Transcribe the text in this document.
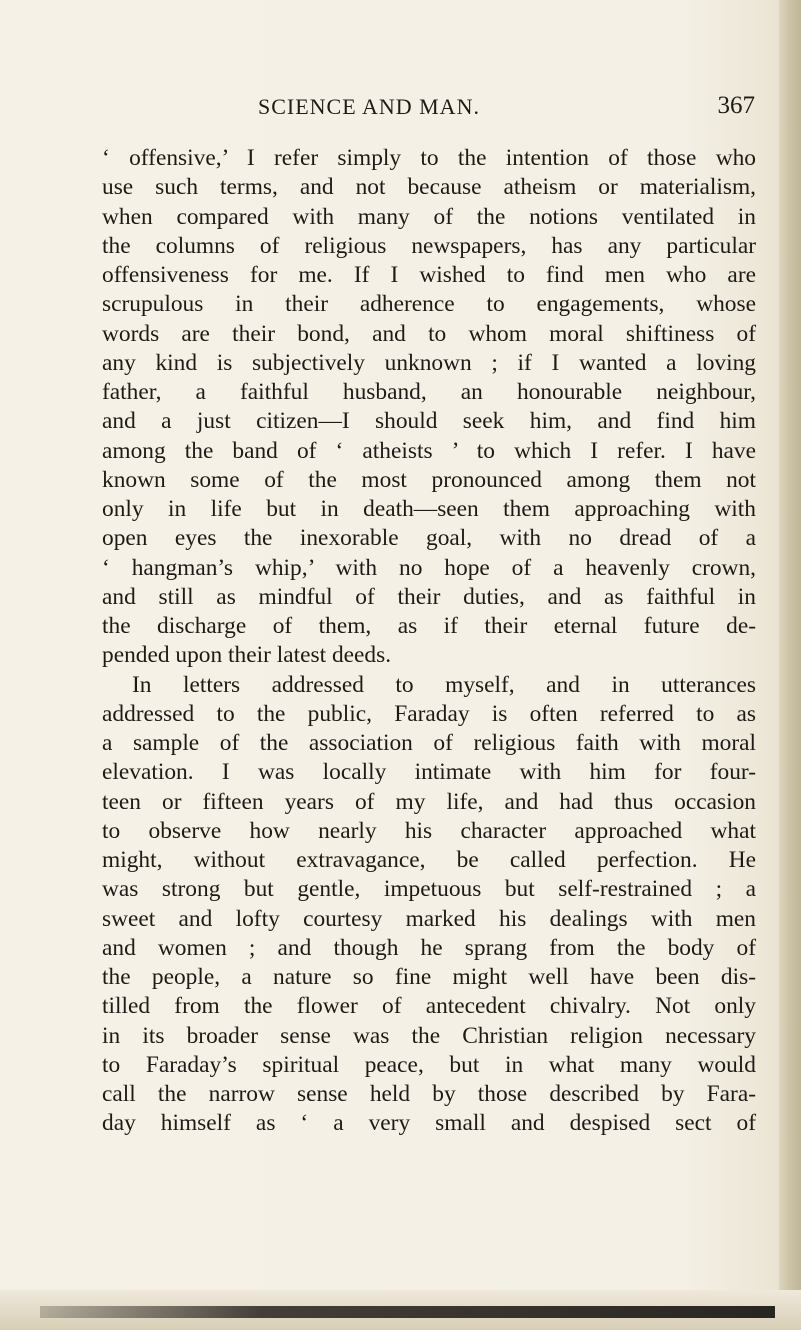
SCIENCE AND MAN.	367
‘ offensive,’ I refer simply to the intention of those who
use such terms, and not because atheism or materialism,
when compared with many of the notions ventilated in
the columns of religious newspapers, has any particular
offensiveness for me. If I wished to find men who are
scrupulous in their adherence to engagements, whose
words are their bond, and to whom moral shiftiness of
any kind is subjectively unknown ; if I wanted a loving
father, a faithful husband, an honourable neighbour,
and a just citizen—I should seek him, and find him
among the band of ‘ atheists ’ to which I refer. I have
known some of the most pronounced among them not
only in life but in death—seen them approaching with
open eyes the inexorable goal, with no dread of a
‘ hangman’s whip,’ with no hope of a heavenly crown,
and still as mindful of their duties, and as faithful in
the discharge of them, as if their eternal future de-
pended upon their latest deeds.
In letters addressed to myself, and in utterances
addressed to the public, Faraday is often referred to as
a sample of the association of religious faith with moral
elevation. I was locally intimate with him for four-
teen or fifteen years of my life, and had thus occasion
to observe how nearly his character approached what
might, without extravagance, be called perfection. He
was strong but gentle, impetuous but self-restrained ; a
sweet and lofty courtesy marked his dealings with men
and women ; and though he sprang from the body of
the people, a nature so fine might well have been dis-
tilled from the flower of antecedent chivalry. Not only
in its broader sense was the Christian religion necessary
to Faraday’s spiritual peace, but in what many would
call the narrow sense held by those described by Fara-
day himself as ‘ a very small and despised sect of
